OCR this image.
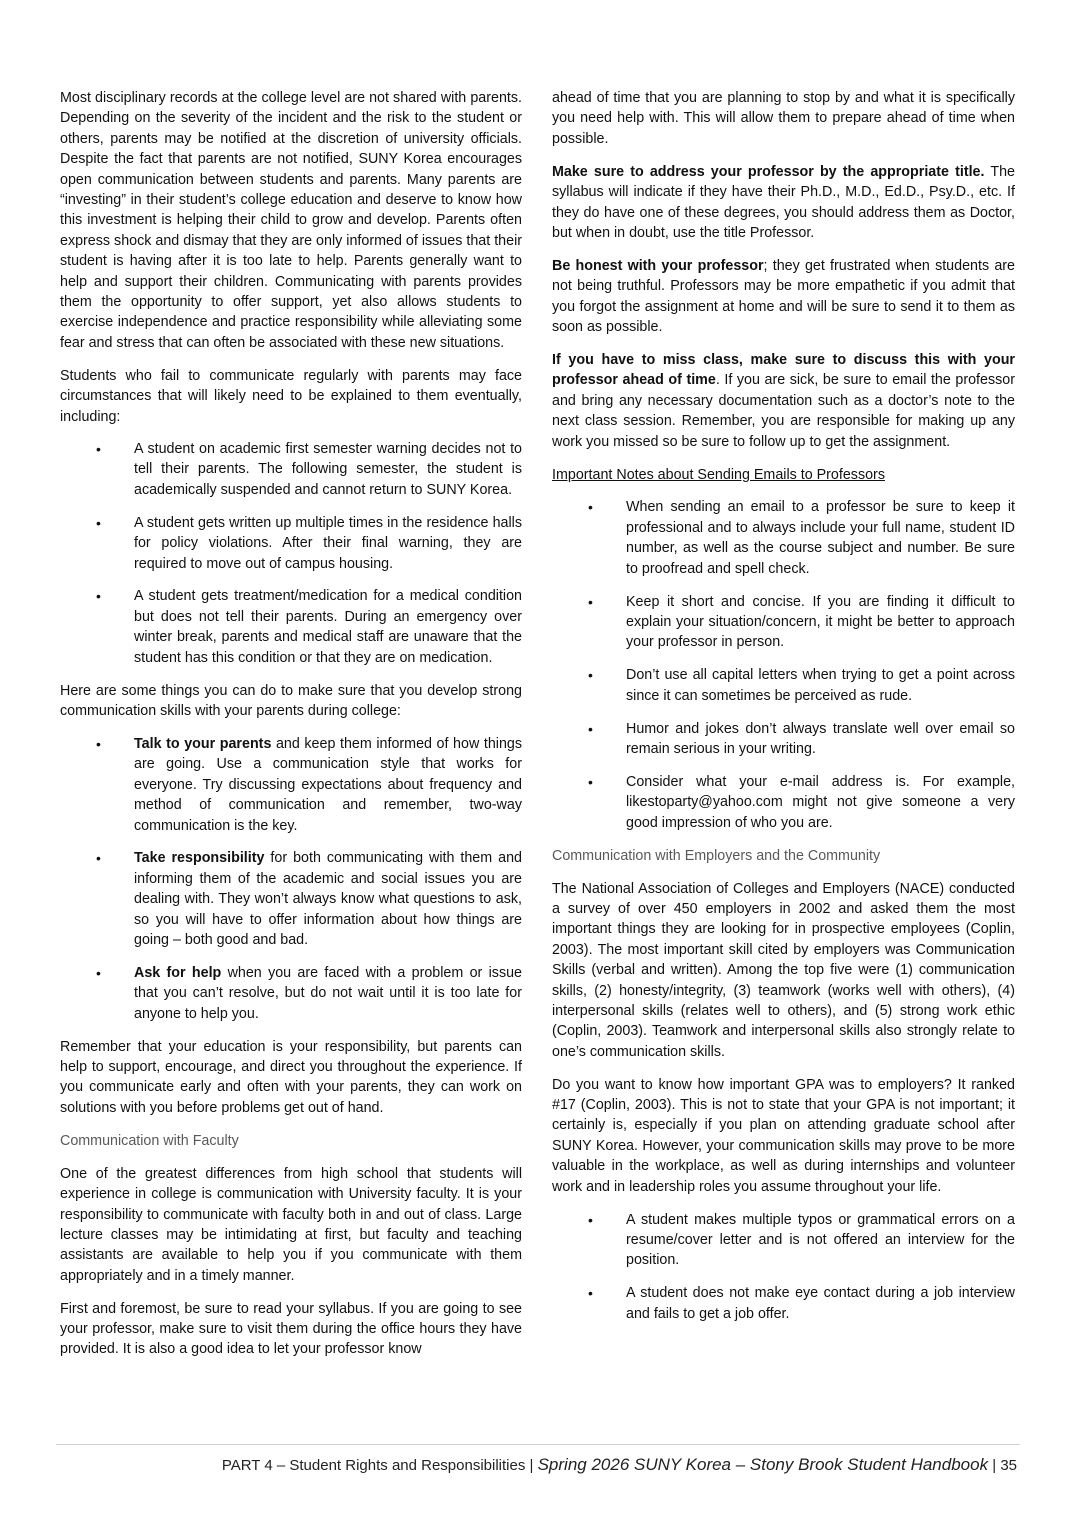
Most disciplinary records at the college level are not shared with parents. Depending on the severity of the incident and the risk to the student or others, parents may be notified at the discretion of university officials. Despite the fact that parents are not notified, SUNY Korea encourages open communication between students and parents. Many parents are “investing” in their student’s college education and deserve to know how this investment is helping their child to grow and develop. Parents often express shock and dismay that they are only informed of issues that their student is having after it is too late to help. Parents generally want to help and support their children. Communicating with parents provides them the opportunity to offer support, yet also allows students to exercise independence and practice responsibility while alleviating some fear and stress that can often be associated with these new situations.

Students who fail to communicate regularly with parents may face circumstances that will likely need to be explained to them eventually, including:

• A student on academic first semester warning decides not to tell their parents. The following semester, the student is academically suspended and cannot return to SUNY Korea.
• A student gets written up multiple times in the residence halls for policy violations. After their final warning, they are required to move out of campus housing.
• A student gets treatment/medication for a medical condition but does not tell their parents. During an emergency over winter break, parents and medical staff are unaware that the student has this condition or that they are on medication.

Here are some things you can do to make sure that you develop strong communication skills with your parents during college:

• Talk to your parents and keep them informed of how things are going. Use a communication style that works for everyone. Try discussing expectations about frequency and method of communication and remember, two-way communication is the key.
• Take responsibility for both communicating with them and informing them of the academic and social issues you are dealing with. They won’t always know what questions to ask, so you will have to offer information about how things are going – both good and bad.
• Ask for help when you are faced with a problem or issue that you can’t resolve, but do not wait until it is too late for anyone to help you.

Remember that your education is your responsibility, but parents can help to support, encourage, and direct you throughout the experience. If you communicate early and often with your parents, they can work on solutions with you before problems get out of hand.

Communication with Faculty

One of the greatest differences from high school that students will experience in college is communication with University faculty. It is your responsibility to communicate with faculty both in and out of class. Large lecture classes may be intimidating at first, but faculty and teaching assistants are available to help you if you communicate with them appropriately and in a timely manner.

First and foremost, be sure to read your syllabus. If you are going to see your professor, make sure to visit them during the office hours they have provided. It is also a good idea to let your professor know

ahead of time that you are planning to stop by and what it is specifically you need help with. This will allow them to prepare ahead of time when possible.

Make sure to address your professor by the appropriate title. The syllabus will indicate if they have their Ph.D., M.D., Ed.D., Psy.D., etc. If they do have one of these degrees, you should address them as Doctor, but when in doubt, use the title Professor.

Be honest with your professor; they get frustrated when students are not being truthful. Professors may be more empathetic if you admit that you forgot the assignment at home and will be sure to send it to them as soon as possible.

If you have to miss class, make sure to discuss this with your professor ahead of time. If you are sick, be sure to email the professor and bring any necessary documentation such as a doctor’s note to the next class session. Remember, you are responsible for making up any work you missed so be sure to follow up to get the assignment.

Important Notes about Sending Emails to Professors
• When sending an email to a professor be sure to keep it professional and to always include your full name, student ID number, as well as the course subject and number. Be sure to proofread and spell check.
• Keep it short and concise. If you are finding it difficult to explain your situation/concern, it might be better to approach your professor in person.
• Don’t use all capital letters when trying to get a point across since it can sometimes be perceived as rude.
• Humor and jokes don’t always translate well over email so remain serious in your writing.
• Consider what your e-mail address is. For example, likestoparty@yahoo.com might not give someone a very good impression of who you are.
Communication with Employers and the Community

The National Association of Colleges and Employers (NACE) conducted a survey of over 450 employers in 2002 and asked them the most important things they are looking for in prospective employees (Coplin, 2003). The most important skill cited by employers was Communication Skills (verbal and written). Among the top five were (1) communication skills, (2) honesty/integrity, (3) teamwork (works well with others), (4) interpersonal skills (relates well to others), and (5) strong work ethic (Coplin, 2003). Teamwork and interpersonal skills also strongly relate to one’s communication skills.

Do you want to know how important GPA was to employers? It ranked #17 (Coplin, 2003). This is not to state that your GPA is not important; it certainly is, especially if you plan on attending graduate school after SUNY Korea. However, your communication skills may prove to be more valuable in the workplace, as well as during internships and volunteer work and in leadership roles you assume throughout your life.

• A student makes multiple typos or grammatical errors on a resume/cover letter and is not offered an interview for the position.
• A student does not make eye contact during a job interview and fails to get a job offer.
PART 4 – Student Rights and Responsibilities | Spring 2026 SUNY Korea – Stony Brook Student Handbook | 35
